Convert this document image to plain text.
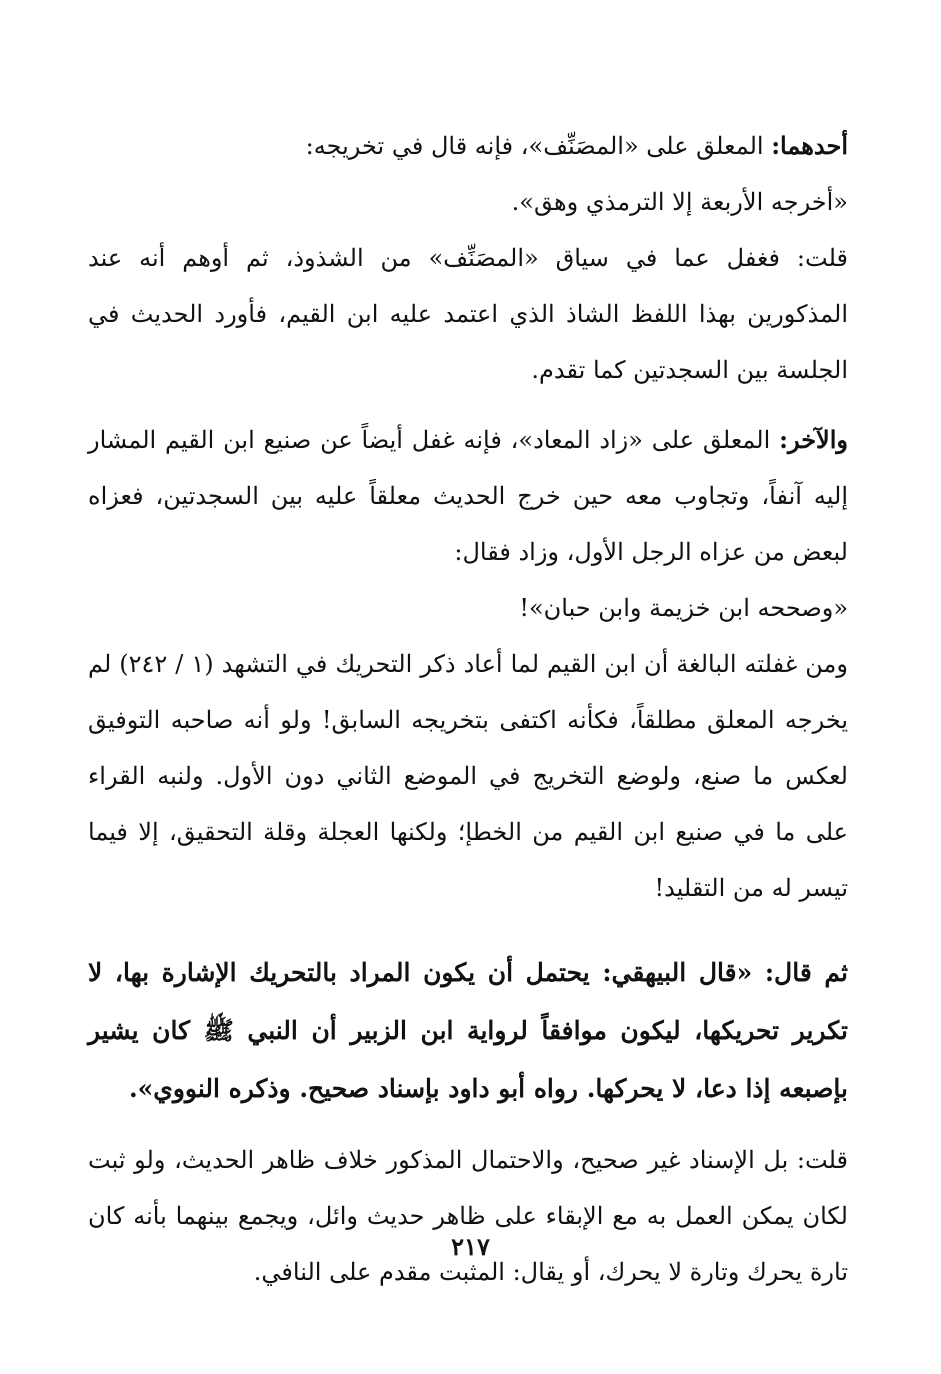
أحدهما: المعلق على «المصَنِّف»، فإنه قال في تخريجه:

«أخرجه الأربعة إلا الترمذي وهق».

قلت: فغفل عما في سياق «المصَنِّف» من الشذوذ، ثم أوهم أنه عند المذكورين بهذا اللفظ الشاذ الذي اعتمد عليه ابن القيم، فأورد الحديث في الجلسة بين السجدتين كما تقدم.

والآخر: المعلق على «زاد المعاد»، فإنه غفل أيضاً عن صنيع ابن القيم المشار إليه آنفاً، وتجاوب معه حين خرج الحديث معلقاً عليه بين السجدتين، فعزاه لبعض من عزاه الرجل الأول، وزاد فقال:

«وصححه ابن خزيمة وابن حبان»!

ومن غفلته البالغة أن ابن القيم لما أعاد ذكر التحريك في التشهد (١ / ٢٤٢) لم يخرجه المعلق مطلقاً، فكأنه اكتفى بتخريجه السابق! ولو أنه صاحبه التوفيق لعكس ما صنع، ولوضع التخريج في الموضع الثاني دون الأول. ولنبه القراء على ما في صنيع ابن القيم من الخطإ؛ ولكنها العجلة وقلة التحقيق، إلا فيما تيسر له من التقليد!

ثم قال: «قال البيهقي: يحتمل أن يكون المراد بالتحريك الإشارة بها، لا تكرير تحريكها، ليكون موافقاً لرواية ابن الزبير أن النبي ﷺ كان يشير بإصبعه إذا دعا، لا يحركها. رواه أبو داود بإسناد صحيح. وذكره النووي».

قلت: بل الإسناد غير صحيح، والاحتمال المذكور خلاف ظاهر الحديث، ولو ثبت لكان يمكن العمل به مع الإبقاء على ظاهر حديث وائل، ويجمع بينهما بأنه كان تارة يحرك وتارة لا يحرك، أو يقال: المثبت مقدم على النافي.

٢١٧
